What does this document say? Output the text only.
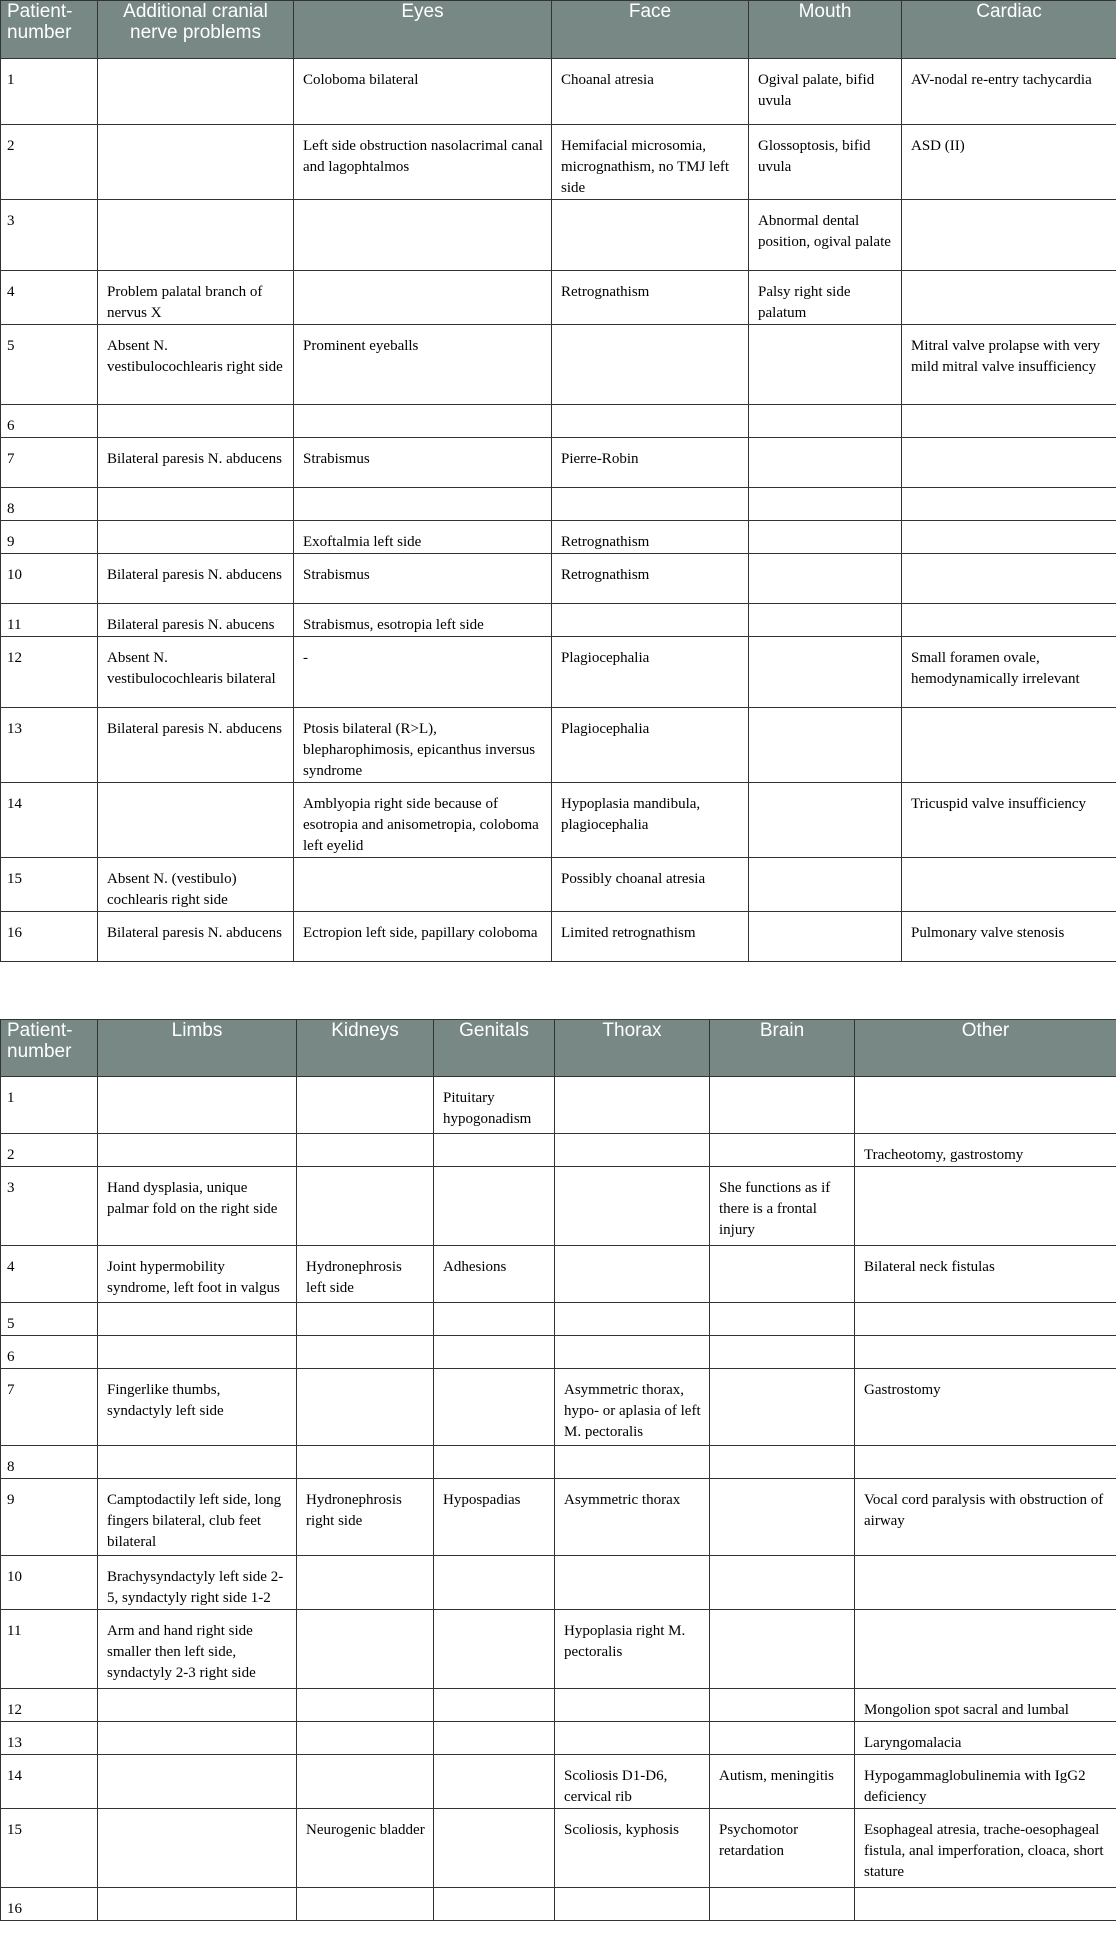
Patient-number	Additional cranial nerve problems	Eyes	Face	Mouth	Cardiac
1		Coloboma bilateral	Choanal atresia	Ogival palate, bifid uvula	AV-nodal re-entry tachycardia
2		Left side obstruction nasolacrimal canal and lagophtalmos	Hemifacial microsomia, micrognathism, no TMJ left side	Glossoptosis, bifid uvula	ASD (II)
3				Abnormal dental position, ogival palate	
4	Problem palatal branch of nervus X		Retrognathism	Palsy right side palatum	
5	Absent N. vestibulocochlearis right side	Prominent eyeballs			Mitral valve prolapse with very mild mitral valve insufficiency
6					
7	Bilateral paresis N. abducens	Strabismus	Pierre-Robin		
8					
9		Exoftalmia left side	Retrognathism		
10	Bilateral paresis N. abducens	Strabismus	Retrognathism		
11	Bilateral paresis N. abucens	Strabismus, esotropia left side			
12	Absent N. vestibulocochlearis bilateral	-	Plagiocephalia		Small foramen ovale, hemodynamically irrelevant
13	Bilateral paresis N. abducens	Ptosis bilateral (R>L), blepharophimosis, epicanthus inversus syndrome	Plagiocephalia		
14		Amblyopia right side because of esotropia and anisometropia, coloboma left eyelid	Hypoplasia mandibula, plagiocephalia		Tricuspid valve insufficiency
15	Absent N. (vestibulo) cochlearis right side		Possibly choanal atresia		
16	Bilateral paresis N. abducens	Ectropion left side, papillary coloboma	Limited retrognathism		Pulmonary valve stenosis
Patient-number	Limbs	Kidneys	Genitals	Thorax	Brain	Other
1			Pituitary hypogonadism			
2						Tracheotomy, gastrostomy
3	Hand dysplasia, unique palmar fold on the right side				She functions as if there is a frontal injury	
4	Joint hypermobility syndrome, left foot in valgus	Hydronephrosis left side	Adhesions			Bilateral neck fistulas
5						
6						
7	Fingerlike thumbs, syndactyly left side			Asymmetric thorax, hypo- or aplasia of left M. pectoralis		Gastrostomy
8						
9	Camptodactily left side, long fingers bilateral, club feet bilateral	Hydronephrosis right side	Hypospadias	Asymmetric thorax		Vocal cord paralysis with obstruction of airway
10	Brachysyndactyly left side 2-5, syndactyly right side 1-2					
11	Arm and hand right side smaller then left side, syndactyly 2-3 right side			Hypoplasia right M. pectoralis		
12						Mongolion spot sacral and lumbal
13						Laryngomalacia
14				Scoliosis D1-D6, cervical rib	Autism, meningitis	Hypogammaglobulinemia with IgG2 deficiency
15		Neurogenic bladder		Scoliosis, kyphosis	Psychomotor retardation	Esophageal atresia, trache-oesophageal fistula, anal imperforation, cloaca, short stature
16						
